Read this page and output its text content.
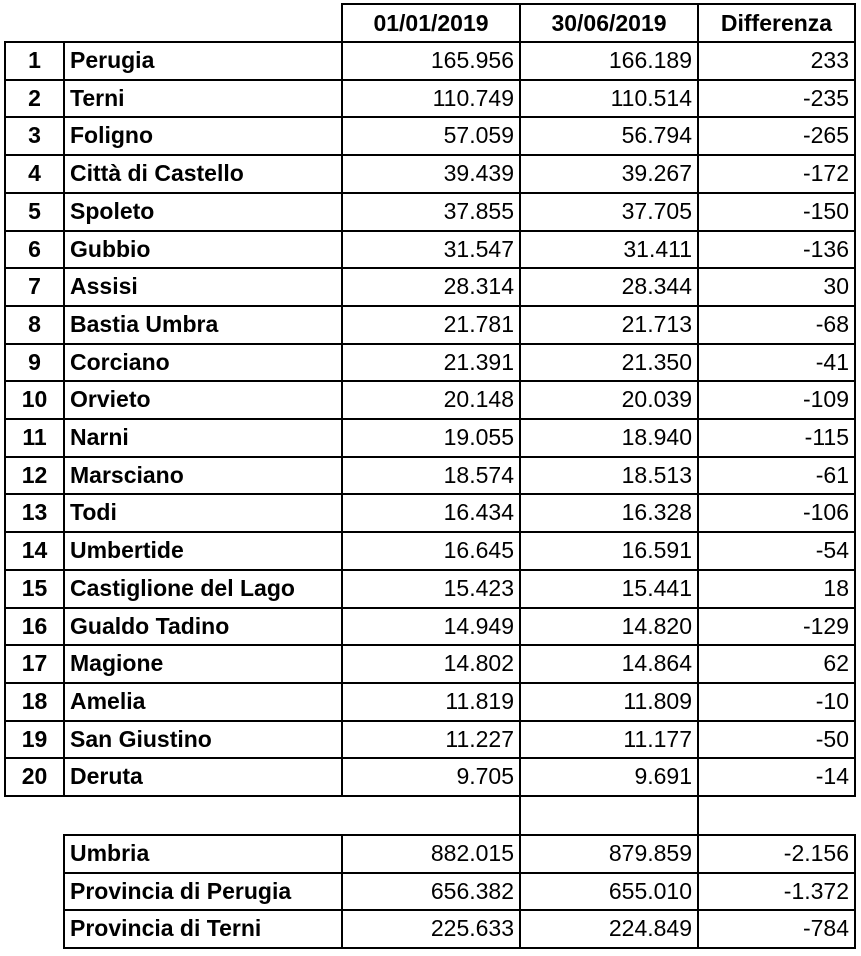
01/01/2019	30/06/2019	Differenza
1	Perugia	165.956	166.189	233
2	Terni	110.749	110.514	-235
3	Foligno	57.059	56.794	-265
4	Città di Castello	39.439	39.267	-172
5	Spoleto	37.855	37.705	-150
6	Gubbio	31.547	31.411	-136
7	Assisi	28.314	28.344	30
8	Bastia Umbra	21.781	21.713	-68
9	Corciano	21.391	21.350	-41
10 Orvieto	20.148	20.039	-109
11	Narni	19.055	18.940	-115
12 Marsciano	18.574	18.513	-61
13 Todi	16.434	16.328	-106
14 Umbertide	16.645	16.591	-54
15 Castiglione del Lago	15.423	15.441	18
16 Gualdo Tadino	14.949	14.820	-129
17 Magione	14.802	14.864	62
18 Amelia	11.819	11.809	-10
19 San Giustino	11.227	11.177	-50
20 Deruta	9.705	9.691	-14
Umbria	882.015	879.859	-2.156
Provincia di Perugia	656.382	655.010	-1.372
Provincia di Terni	225.633	224.849	-784
